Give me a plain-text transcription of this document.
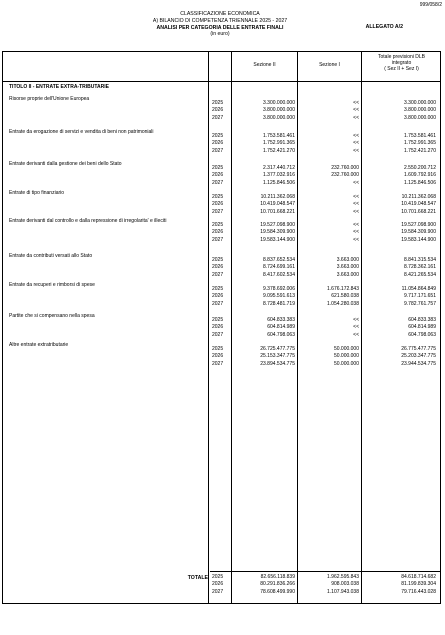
999/058/2
CLASSIFICAZIONE ECONOMICA
A) BILANCIO DI COMPETENZA TRIENNALE 2025 - 2027
ANALISI PER CATEGORIA DELLE ENTRATE FINALI
(in euro)
ALLEGATO A/2
Sezione II	Sezione I
Totale previsioni DLB
integrato
( Sez II + Sez I)
TITOLO II - ENTRATE EXTRA-TRIBUTARIE
Risorse proprie dell'Unione Europea
2025	3.300.000.000	<<	3.300.000.000
2026	3.800.000.000	<<	3.800.000.000
2027	3.800.000.000	<<	3.800.000.000
Entrate da erogazione di servizi e vendita di beni non patrimoniali
2025	1.753.581.461	<<	1.753.581.461
2026	1.752.991.365	<<	1.752.991.365
2027	1.752.421.270	<<	1.752.421.270
Entrate derivanti dalla gestione dei beni dello Stato
2025	2.317.440.712	232.760.000	2.550.200.712
2026	1.377.032.916	232.760.000	1.609.792.916
2027	1.125.846.506	<<	1.125.846.506
Entrate di tipo finanziario
2025	10.211.362.068	<<	10.211.362.068
2026	10.419.048.547	<<	10.419.048.547
2027	10.701.668.221	<<	10.701.668.221
Entrate derivanti dal controllo e dalla repressione di irregolarita' e illeciti
2025	19.527.098.900	<<	19.527.098.900
2026	19.584.309.900	<<	19.584.309.900
2027	19.583.144.900	<<	19.583.144.900
Entrate da contributi versati allo Stato
2025	8.837.652.534	3.663.000	8.841.315.534
2026	8.724.699.161	3.663.000	8.728.362.161
2027	8.417.602.534	3.663.000	8.421.265.534
Entrate da recuperi e rimborsi di spese
2025	9.378.692.006	1.676.172.843	11.054.864.849
2026	9.095.591.613	621.580.038	9.717.171.651
2027	8.728.481.719	1.054.280.038	9.782.761.757
Partite che si compensano nella spesa
2025	604.833.383	<<	604.833.383
2026	604.814.989	<<	604.814.989
2027	604.798.063	<<	604.798.063
Altre entrate extratributarie
2025	26.725.477.775	50.000.000	26.775.477.775
2026	25.153.347.775	50.000.000	25.203.347.775
2027	23.894.534.775	50.000.000	23.944.534.775
TOTALE 2025	82.656.118.839	1.962.595.843	84.618.714.682
2026	80.291.836.266	908.003.038	81.199.839.304
2027	78.608.499.990	1.107.943.038	79.716.443.028
